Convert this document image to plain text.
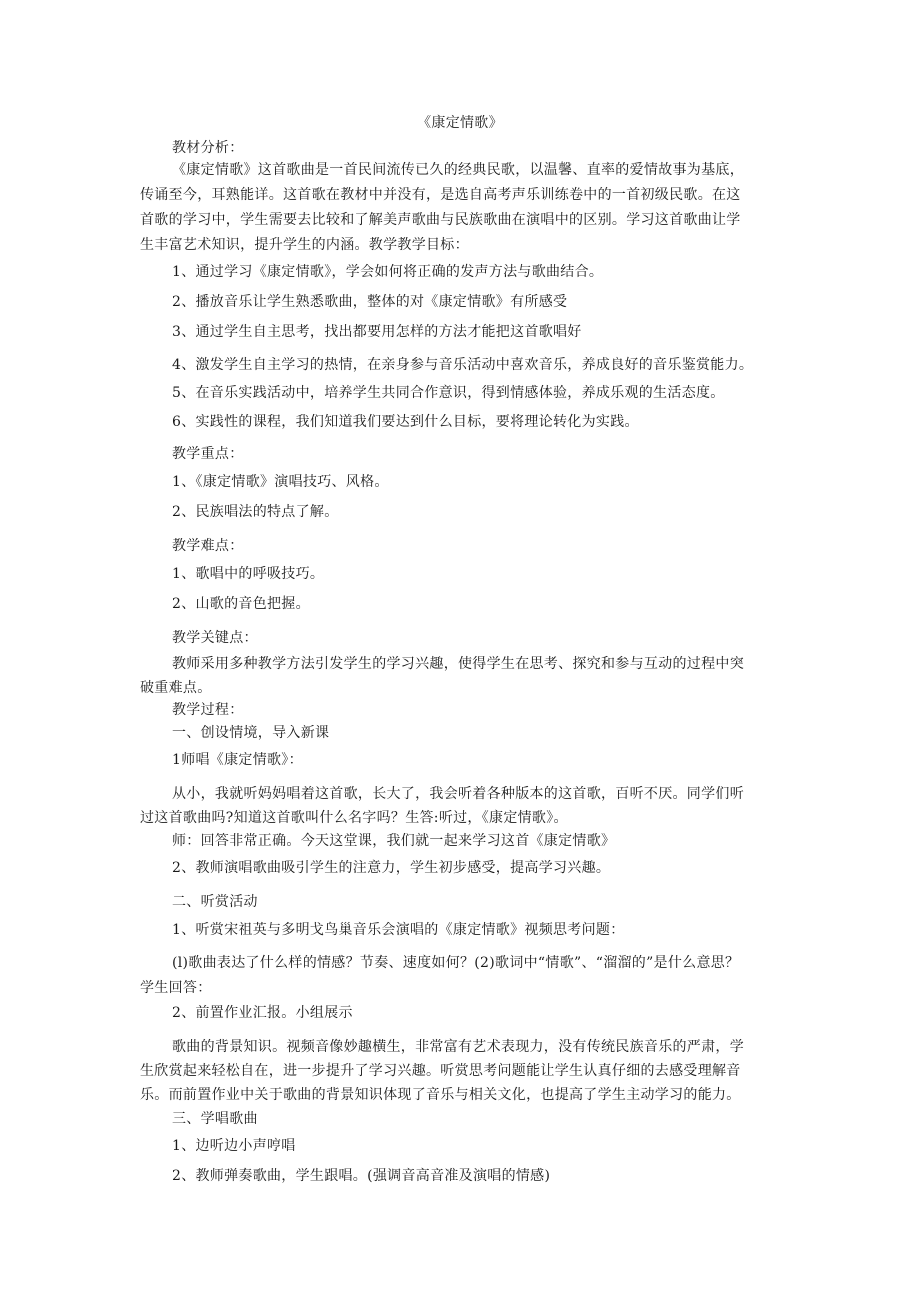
《康定情歌》
教材分析：
《康定情歌》这首歌曲是一首民间流传已久的经典民歌，以温馨、直率的爱情故事为基底，
传诵至今，耳熟能详。这首歌在教材中并没有，是选自高考声乐训练卷中的一首初级民歌。在这
首歌的学习中，学生需要去比较和了解美声歌曲与民族歌曲在演唱中的区别。学习这首歌曲让学
生丰富艺术知识，提升学生的内涵。教学教学目标：
1、通过学习《康定情歌》，学会如何将正确的发声方法与歌曲结合。
2、播放音乐让学生熟悉歌曲，整体的对《康定情歌》有所感受
3、通过学生自主思考，找出都要用怎样的方法才能把这首歌唱好
4、激发学生自主学习的热情，在亲身参与音乐活动中喜欢音乐，养成良好的音乐鉴赏能力。
5、在音乐实践活动中，培养学生共同合作意识，得到情感体验，养成乐观的生活态度。
6、实践性的课程，我们知道我们要达到什么目标，要将理论转化为实践。
教学重点：
1、《康定情歌》演唱技巧、风格。
2、民族唱法的特点了解。
教学难点：
1、歌唱中的呼吸技巧。
2、山歌的音色把握。
教学关键点：
教师采用多种教学方法引发学生的学习兴趣，使得学生在思考、探究和参与互动的过程中突
破重难点。
教学过程：
一、创设情境，导入新课
1师唱《康定情歌》：
从小，我就听妈妈唱着这首歌，长大了，我会听着各种版本的这首歌，百听不厌。同学们听
过这首歌曲吗?知道这首歌叫什么名字吗？生答:听过，《康定情歌》。
师：回答非常正确。今天这堂课，我们就一起来学习这首《康定情歌》
2、教师演唱歌曲吸引学生的注意力，学生初步感受，提高学习兴趣。
二、听赏活动
1、听赏宋祖英与多明戈鸟巢音乐会演唱的《康定情歌》视频思考问题：
(l)歌曲表达了什么样的情感？节奏、速度如何？(2)歌词中“情歌”、“溜溜的”是什么意思？
学生回答：
2、前置作业汇报。小组展示
歌曲的背景知识。视频音像妙趣横生，非常富有艺术表现力，没有传统民族音乐的严肃，学
生欣赏起来轻松自在，进一步提升了学习兴趣。听赏思考问题能让学生认真仔细的去感受理解音
乐。而前置作业中关于歌曲的背景知识体现了音乐与相关文化，也提高了学生主动学习的能力。
三、学唱歌曲
1、边听边小声哼唱
2、教师弹奏歌曲，学生跟唱。(强调音高音准及演唱的情感)
